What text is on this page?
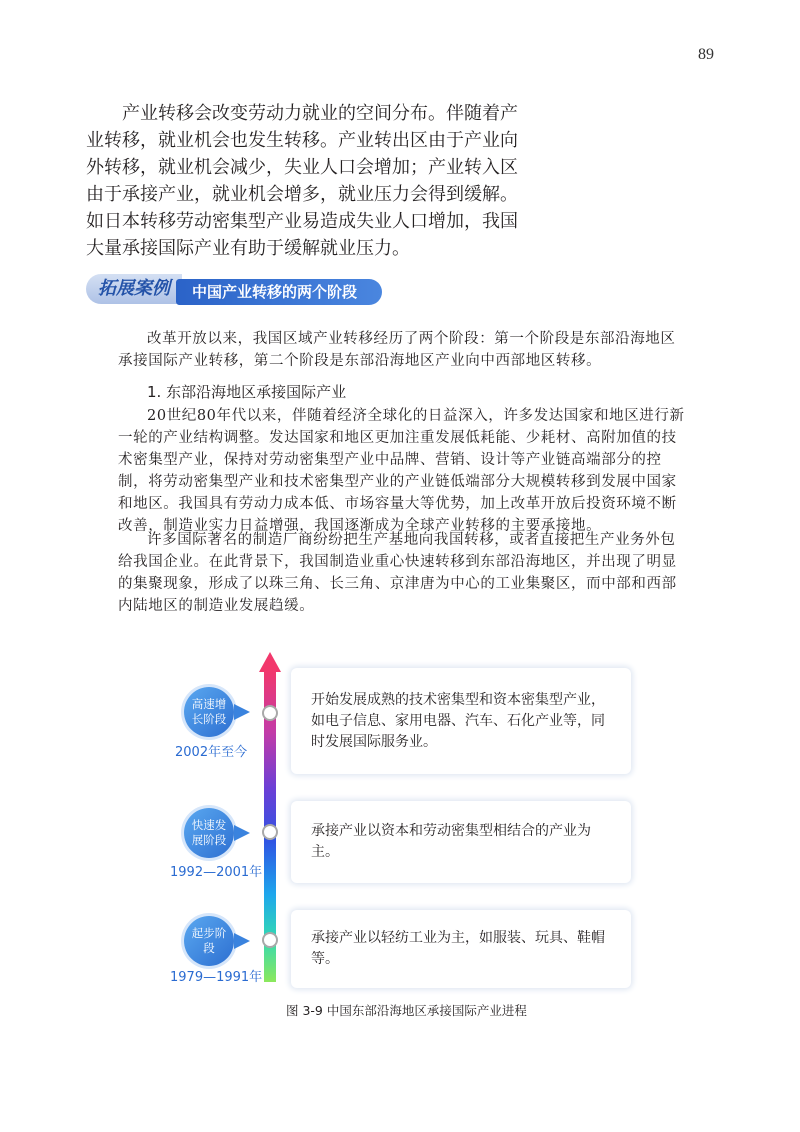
89

产业转移会改变劳动力就业的空间分布。伴随着产业转移，就业机会也发生转移。产业转出区由于产业向外转移，就业机会减少，失业人口会增加；产业转入区由于承接产业，就业机会增多，就业压力会得到缓解。如日本转移劳动密集型产业易造成失业人口增加，我国大量承接国际产业有助于缓解就业压力。

拓展案例	中国产业转移的两个阶段

改革开放以来，我国区域产业转移经历了两个阶段：第一个阶段是东部沿海地区承接国际产业转移，第二个阶段是东部沿海地区产业向中西部地区转移。

1. 东部沿海地区承接国际产业

20世纪80年代以来，伴随着经济全球化的日益深入，许多发达国家和地区进行新一轮的产业结构调整。发达国家和地区更加注重发展低耗能、少耗材、高附加值的技术密集型产业，保持对劳动密集型产业中品牌、营销、设计等产业链高端部分的控制，将劳动密集型产业和技术密集型产业的产业链低端部分大规模转移到发展中国家和地区。我国具有劳动力成本低、市场容量大等优势，加上改革开放后投资环境不断改善，制造业实力日益增强，我国逐渐成为全球产业转移的主要承接地。

许多国际著名的制造厂商纷纷把生产基地向我国转移，或者直接把生产业务外包给我国企业。在此背景下，我国制造业重心快速转移到东部沿海地区，并出现了明显的集聚现象，形成了以珠三角、长三角、京津唐为中心的工业集聚区，而中部和西部内陆地区的制造业发展趋缓。

高速增长阶段
2002年至今
开始发展成熟的技术密集型和资本密集型产业，如电子信息、家用电器、汽车、石化产业等，同时发展国际服务业。
快速发展阶段
1992—2001年
承接产业以资本和劳动密集型相结合的产业为主。
起步阶段
1979—1991年
承接产业以轻纺工业为主，如服装、玩具、鞋帽等。
图 3-9 中国东部沿海地区承接国际产业进程
